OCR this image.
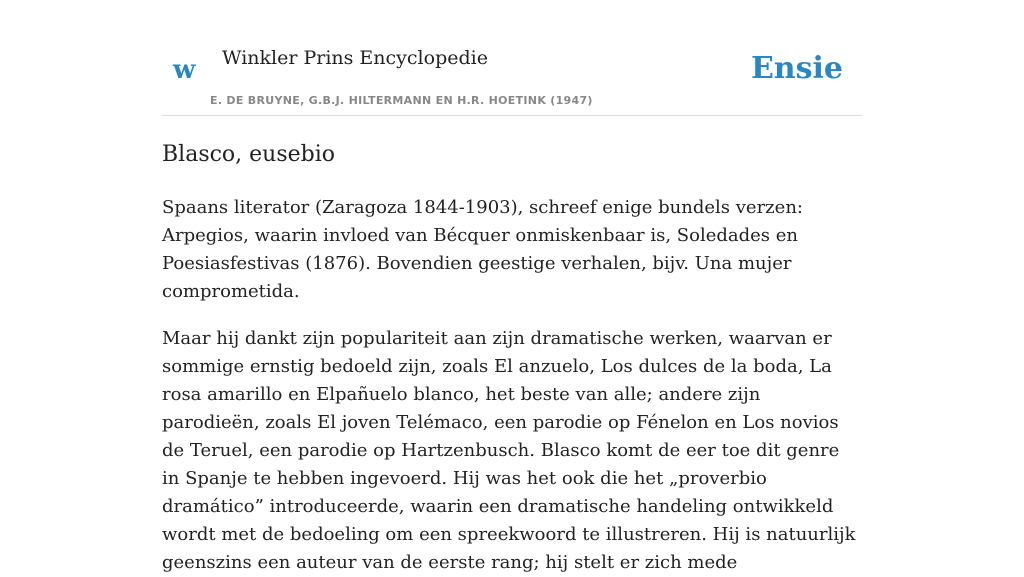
w Winkler Prins Encyclopedie
E. DE BRUYNE, G.B.J. HILTERMANN EN H.R. HOETINK (1947)
Ensie
Blasco, eusebio

Spaans literator (Zaragoza 1844-1903), schreef enige bundels verzen: Arpegios, waarin invloed van Bécquer onmiskenbaar is, Soledades en Poesiasfestivas (1876). Bovendien geestige verhalen, bijv. Una mujer comprometida.

Maar hij dankt zijn populariteit aan zijn dramatische werken, waarvan er sommige ernstig bedoeld zijn, zoals El anzuelo, Los dulces de la boda, La rosa amarillo en Elpañuelo blanco, het beste van alle; andere zijn parodieën, zoals El joven Telémaco, een parodie op Fénelon en Los novios de Teruel, een parodie op Hartzenbusch. Blasco komt de eer toe dit genre in Spanje te hebben ingevoerd. Hij was het ook die het „proverbio dramático” introduceerde, waarin een dramatische handeling ontwikkeld wordt met de bedoeling om een spreekwoord te illustreren. Hij is natuurlijk geenszins een auteur van de eerste rang; hij stelt er zich mede
